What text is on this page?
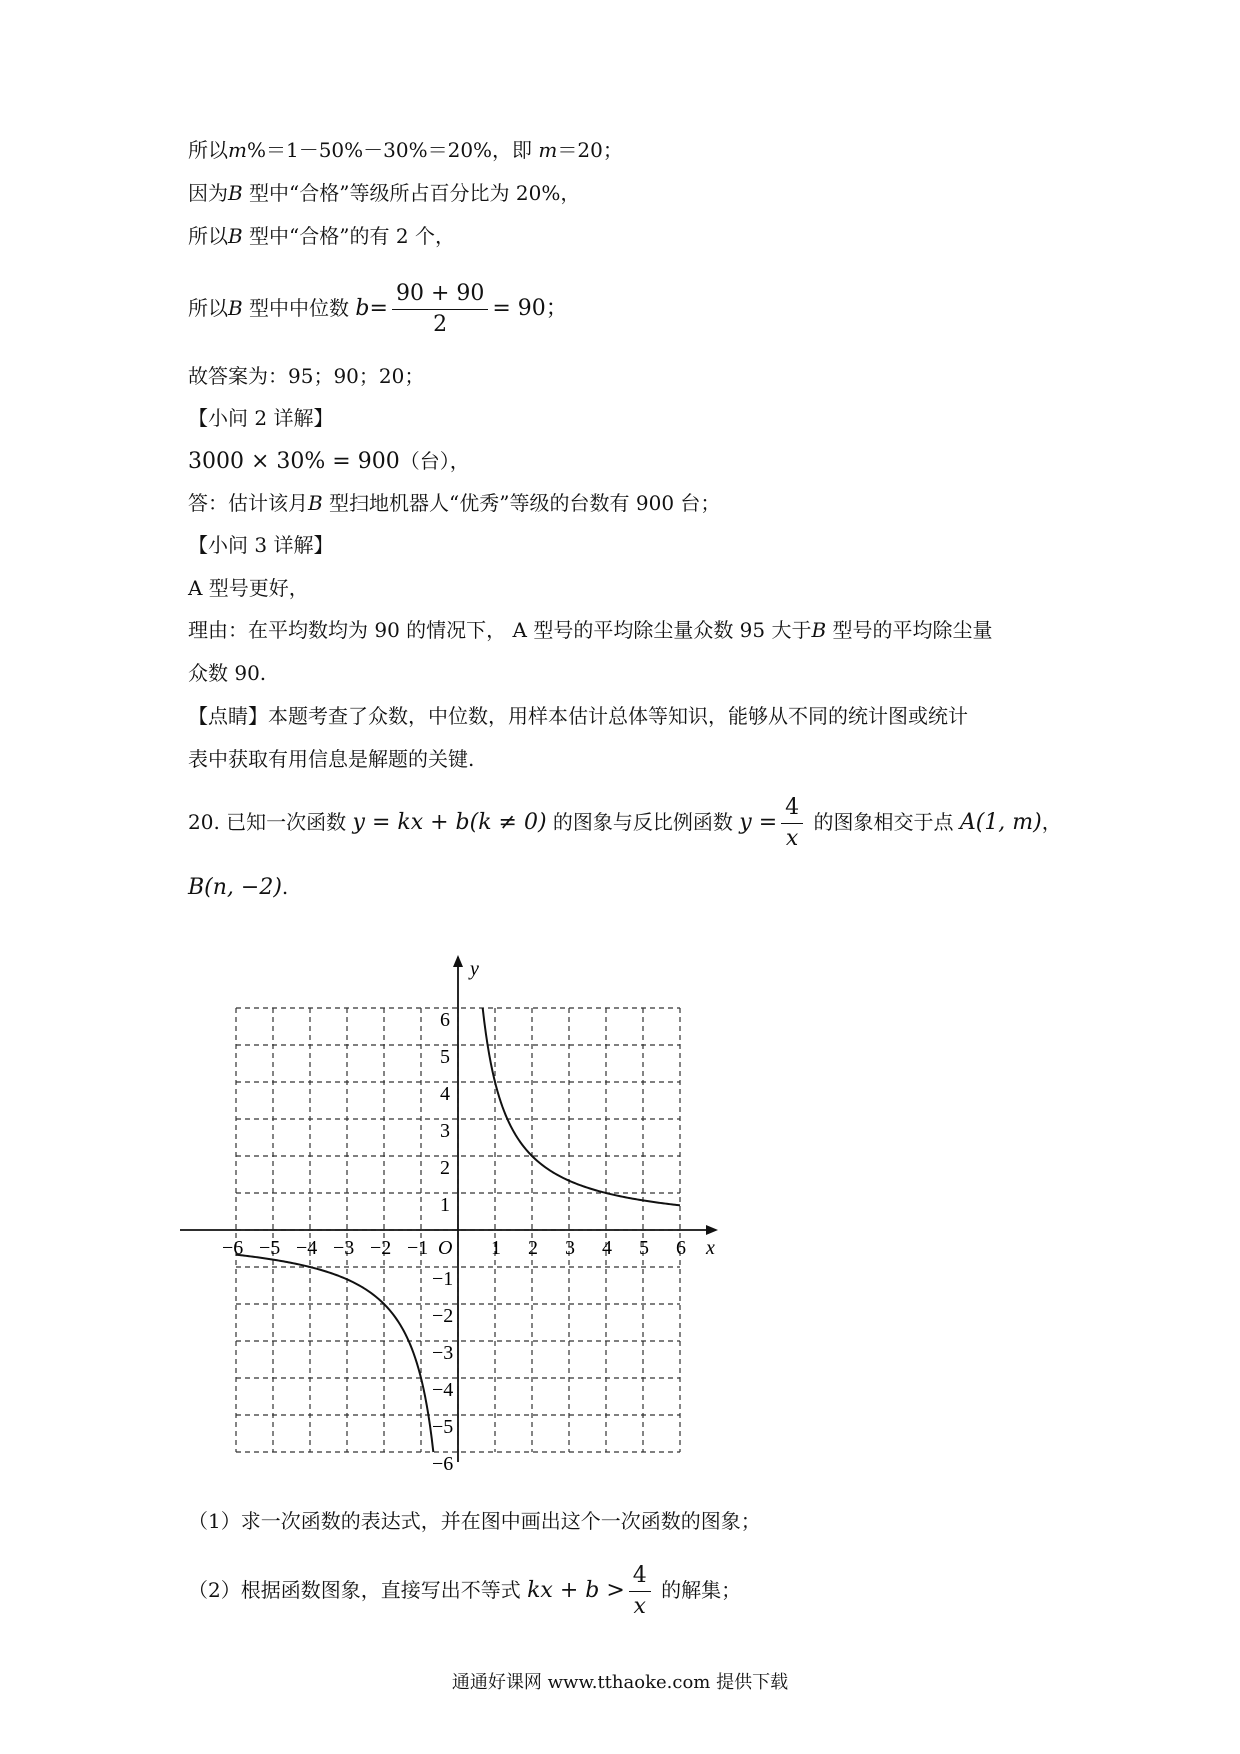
所以m%＝1－50%－30%＝20%，即 m＝20；
因为B 型中“合格”等级所占百分比为 20%，
所以B 型中“合格”的有 2 个，
所以B 型中中位数 $b= \frac{90 + 90}{2} = 90$；
故答案为：95；90；20；
【小问 2 详解】
3000 × 30% = 900（台），
答：估计该月B 型扫地机器人“优秀”等级的台数有 900 台；
【小问 3 详解】
A 型号更好，
理由：在平均数均为 90 的情况下， A 型号的平均除尘量众数 95 大于B 型号的平均除尘量
众数 90.
【点睛】本题考查了众数，中位数，用样本估计总体等知识，能够从不同的统计图或统计
表中获取有用信息是解题的关键.
20. 已知一次函数 y = kx + b(k ≠ 0) 的图象与反比例函数 $y = \frac{4}{x}$ 的图象相交于点 A(1, m)，
B(n, −2).
−6 −5 −4 −3 −2 −1	1 2 3 4 5 6
6
5
4
3
2
1
−1
−2
−3
−4
−5
−6
x
y
O
（1）求一次函数的表达式，并在图中画出这个一次函数的图象；
（2）根据函数图象，直接写出不等式 kx + $b > \frac{4}{x}$ 的解集；
通通好课网 www.tthaoke.com 提供下载
